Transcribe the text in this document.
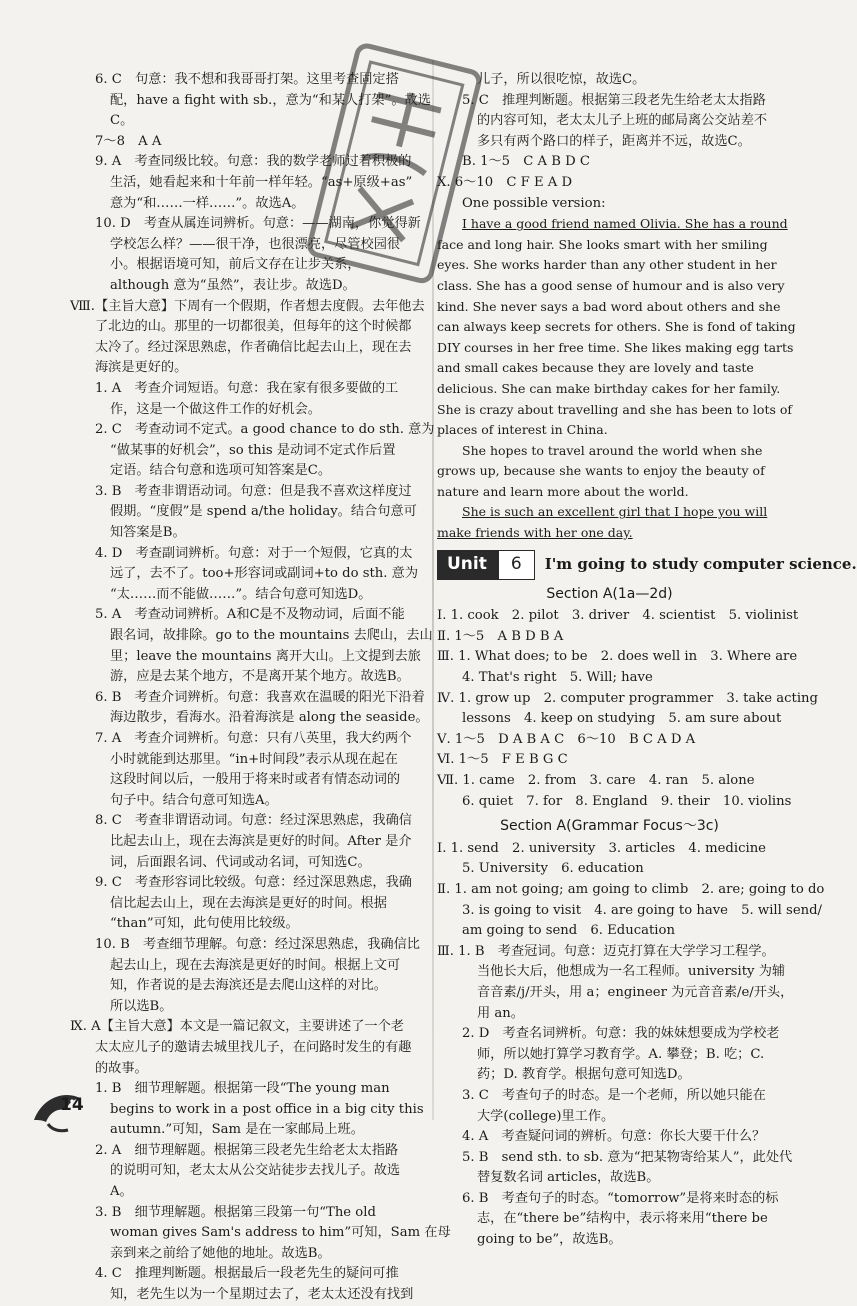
6. C　句意：我不想和我哥哥打架。这里考查固定搭
配，have a fight with sb.，意为“和某人打架”。故选
C。
7～8　A A
9. A　考查同级比较。句意：我的数学老师过着积极的
生活，她看起来和十年前一样年轻。“as+原级+as”
意为“和……一样……”。故选A。
10. D　考查从属连词辨析。句意：——湖南，你觉得新
学校怎么样？——很干净，也很漂亮，尽管校园很
小。根据语境可知，前后文存在让步关系，
although 意为“虽然”，表让步。故选D。
Ⅷ.【主旨大意】下周有一个假期，作者想去度假。去年他去
了北边的山。那里的一切都很美，但每年的这个时候都
太冷了。经过深思熟虑，作者确信比起去山上，现在去
海滨是更好的。
1. A　考查介词短语。句意：我在家有很多要做的工
作，这是一个做这件工作的好机会。
2. C　考查动词不定式。a good chance to do sth. 意为
“做某事的好机会”，so this 是动词不定式作后置
定语。结合句意和选项可知答案是C。
3. B　考查非谓语动词。句意：但是我不喜欢这样度过
假期。“度假”是 spend a/the holiday。结合句意可
知答案是B。
4. D　考查副词辨析。句意：对于一个短假，它真的太
远了，去不了。too+形容词或副词+to do sth. 意为
“太……而不能做……”。结合句意可知选D。
5. A　考查动词辨析。A和C是不及物动词，后面不能
跟名词，故排除。go to the mountains 去爬山，去山
里；leave the mountains 离开大山。上文提到去旅
游，应是去某个地方，不是离开某个地方。故选B。
6. B　考查介词辨析。句意：我喜欢在温暖的阳光下沿着
海边散步，看海水。沿着海滨是 along the seaside。
7. A　考查介词辨析。句意：只有八英里，我大约两个
小时就能到达那里。“in+时间段”表示从现在起在
这段时间以后，一般用于将来时或者有情态动词的
句子中。结合句意可知选A。
8. C　考查非谓语动词。句意：经过深思熟虑，我确信
比起去山上，现在去海滨是更好的时间。After 是介
词，后面跟名词、代词或动名词，可知选C。
9. C　考查形容词比较级。句意：经过深思熟虑，我确
信比起去山上，现在去海滨是更好的时间。根据
“than”可知，此句使用比较级。
10. B　考查细节理解。句意：经过深思熟虑，我确信比
起去山上，现在去海滨是更好的时间。根据上文可
知，作者说的是去海滨还是去爬山这样的对比。
所以选B。
Ⅸ. A【主旨大意】本文是一篇记叙文，主要讲述了一个老
太太应儿子的邀请去城里找儿子，在问路时发生的有趣
的故事。
1. B　细节理解题。根据第一段“The young man
begins to work in a post office in a big city this
autumn.”可知，Sam 是在一家邮局上班。
2. A　细节理解题。根据第三段老先生给老太太指路
的说明可知，老太太从公交站徒步去找儿子。故选
A。
3. B　细节理解题。根据第三段第一句“The old
woman gives Sam's address to him”可知，Sam 在母
亲到来之前给了她他的地址。故选B。
4. C　推理判断题。根据最后一段老先生的疑问可推
知，老先生以为一个星期过去了，老太太还没有找到
儿子，所以很吃惊，故选C。
5. C　推理判断题。根据第三段老先生给老太太指路
的内容可知，老太太儿子上班的邮局离公交站差不
多只有两个路口的样子，距离并不远，故选C。
B. 1～5　C A B D C
Ⅹ. 6～10　C F E A D
One possible version:
I have a good friend named Olivia. She has a round
face and long hair. She looks smart with her smiling
eyes. She works harder than any other student in her
class. She has a good sense of humour and is also very
kind. She never says a bad word about others and she
can always keep secrets for others. She is fond of taking
DIY courses in her free time. She likes making egg tarts
and small cakes because they are lovely and taste
delicious. She can make birthday cakes for her family.
She is crazy about travelling and she has been to lots of
places of interest in China.
She hopes to travel around the world when she
grows up, because she wants to enjoy the beauty of
nature and learn more about the world.
She is such an excellent girl that I hope you will
make friends with her one day.
Unit	6	I'm going to study computer science.
Section A(1a—2d)
Ⅰ. 1. cook　2. pilot　3. driver　4. scientist　5. violinist
Ⅱ. 1～5　A B D B A
Ⅲ. 1. What does; to be　2. does well in　3. Where are
4. That's right　5. Will; have
Ⅳ. 1. grow up　2. computer programmer　3. take acting
lessons　4. keep on studying　5. am sure about
Ⅴ. 1～5　D A B A C　6～10　B C A D A
Ⅵ. 1～5　F E B G C
Ⅶ. 1. came　2. from　3. care　4. ran　5. alone
6. quiet　7. for　8. England　9. their　10. violins
Section A(Grammar Focus～3c)
Ⅰ. 1. send　2. university　3. articles　4. medicine
5. University　6. education
Ⅱ. 1. am not going; am going to climb　2. are; going to do
3. is going to visit　4. are going to have　5. will send/
am going to send　6. Education
Ⅲ. 1. B　考查冠词。句意：迈克打算在大学学习工程学。
当他长大后，他想成为一名工程师。university 为辅
音音素/j/开头，用 a；engineer 为元音音素/e/开头，
用 an。
2. D　考查名词辨析。句意：我的妹妹想要成为学校老
师，所以她打算学习教育学。A. 攀登；B. 吃；C.
药；D. 教育学。根据句意可知选D。
3. C　考查句子的时态。是一个老师，所以她只能在
大学(college)里工作。
4. A　考查疑问词的辨析。句意：你长大要干什么？
5. B　send sth. to sb. 意为“把某物寄给某人”，此处代
替复数名词 articles，故选B。
6. B　考查句子的时态。“tomorrow”是将来时态的标
志，在“there be”结构中，表示将来用“there be
going to be”，故选B。
14
